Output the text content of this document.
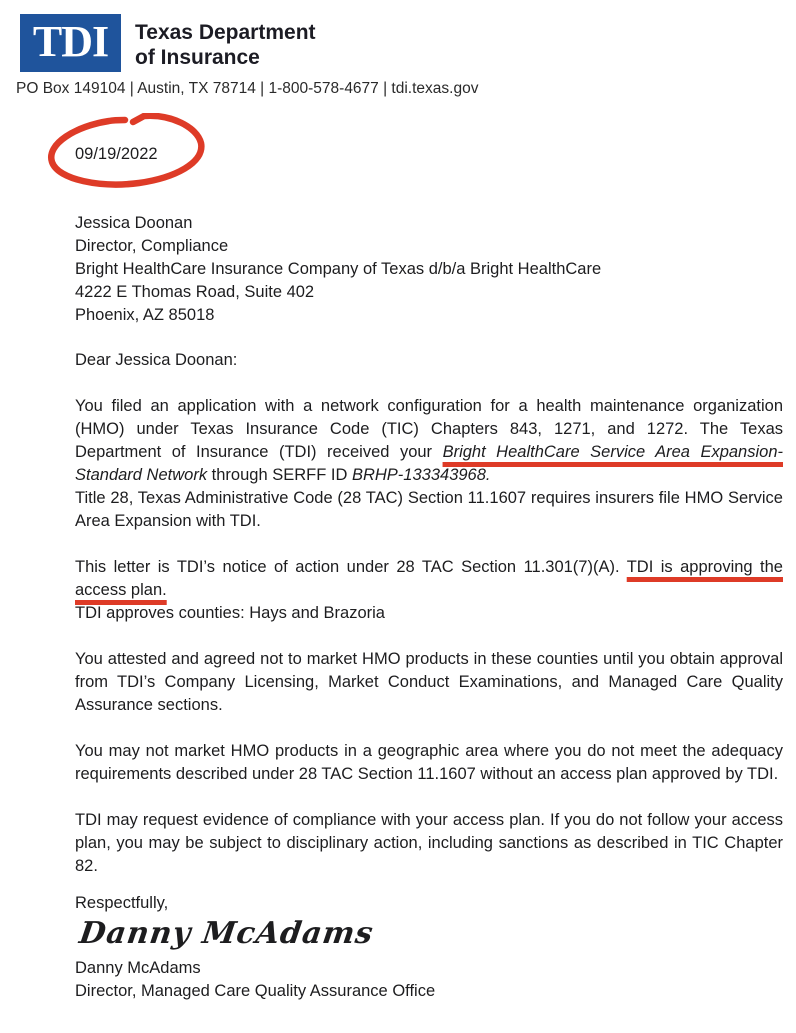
TDI Texas Department
of Insurance
PO Box 149104 | Austin, TX 78714 | 1-800-578-4677 | tdi.texas.gov
09/19/2022
Jessica Doonan
Director, Compliance
Bright HealthCare Insurance Company of Texas d/b/a Bright HealthCare
4222 E Thomas Road, Suite 402
Phoenix, AZ 85018
Dear Jessica Doonan:

You filed an application with a network configuration for a health maintenance organization (HMO) under Texas Insurance Code (TIC) Chapters 843, 1271, and 1272. The Texas Department of Insurance (TDI) received your Bright HealthCare Service Area Expansion- Standard Network through SERFF ID BRHP-133343968.
Title 28, Texas Administrative Code (28 TAC) Section 11.1607 requires insurers file HMO Service Area Expansion with TDI.

This letter is TDI’s notice of action under 28 TAC Section 11.301(7)(A). TDI is approving the access plan.
TDI approves counties: Hays and Brazoria

You attested and agreed not to market HMO products in these counties until you obtain approval from TDI’s Company Licensing, Market Conduct Examinations, and Managed Care Quality Assurance sections.

You may not market HMO products in a geographic area where you do not meet the adequacy requirements described under 28 TAC Section 11.1607 without an access plan approved by TDI.

TDI may request evidence of compliance with your access plan. If you do not follow your access plan, you may be subject to disciplinary action, including sanctions as described in TIC Chapter 82.

Respectfully,
Danny McAdams
Danny McAdams
Director, Managed Care Quality Assurance Office
